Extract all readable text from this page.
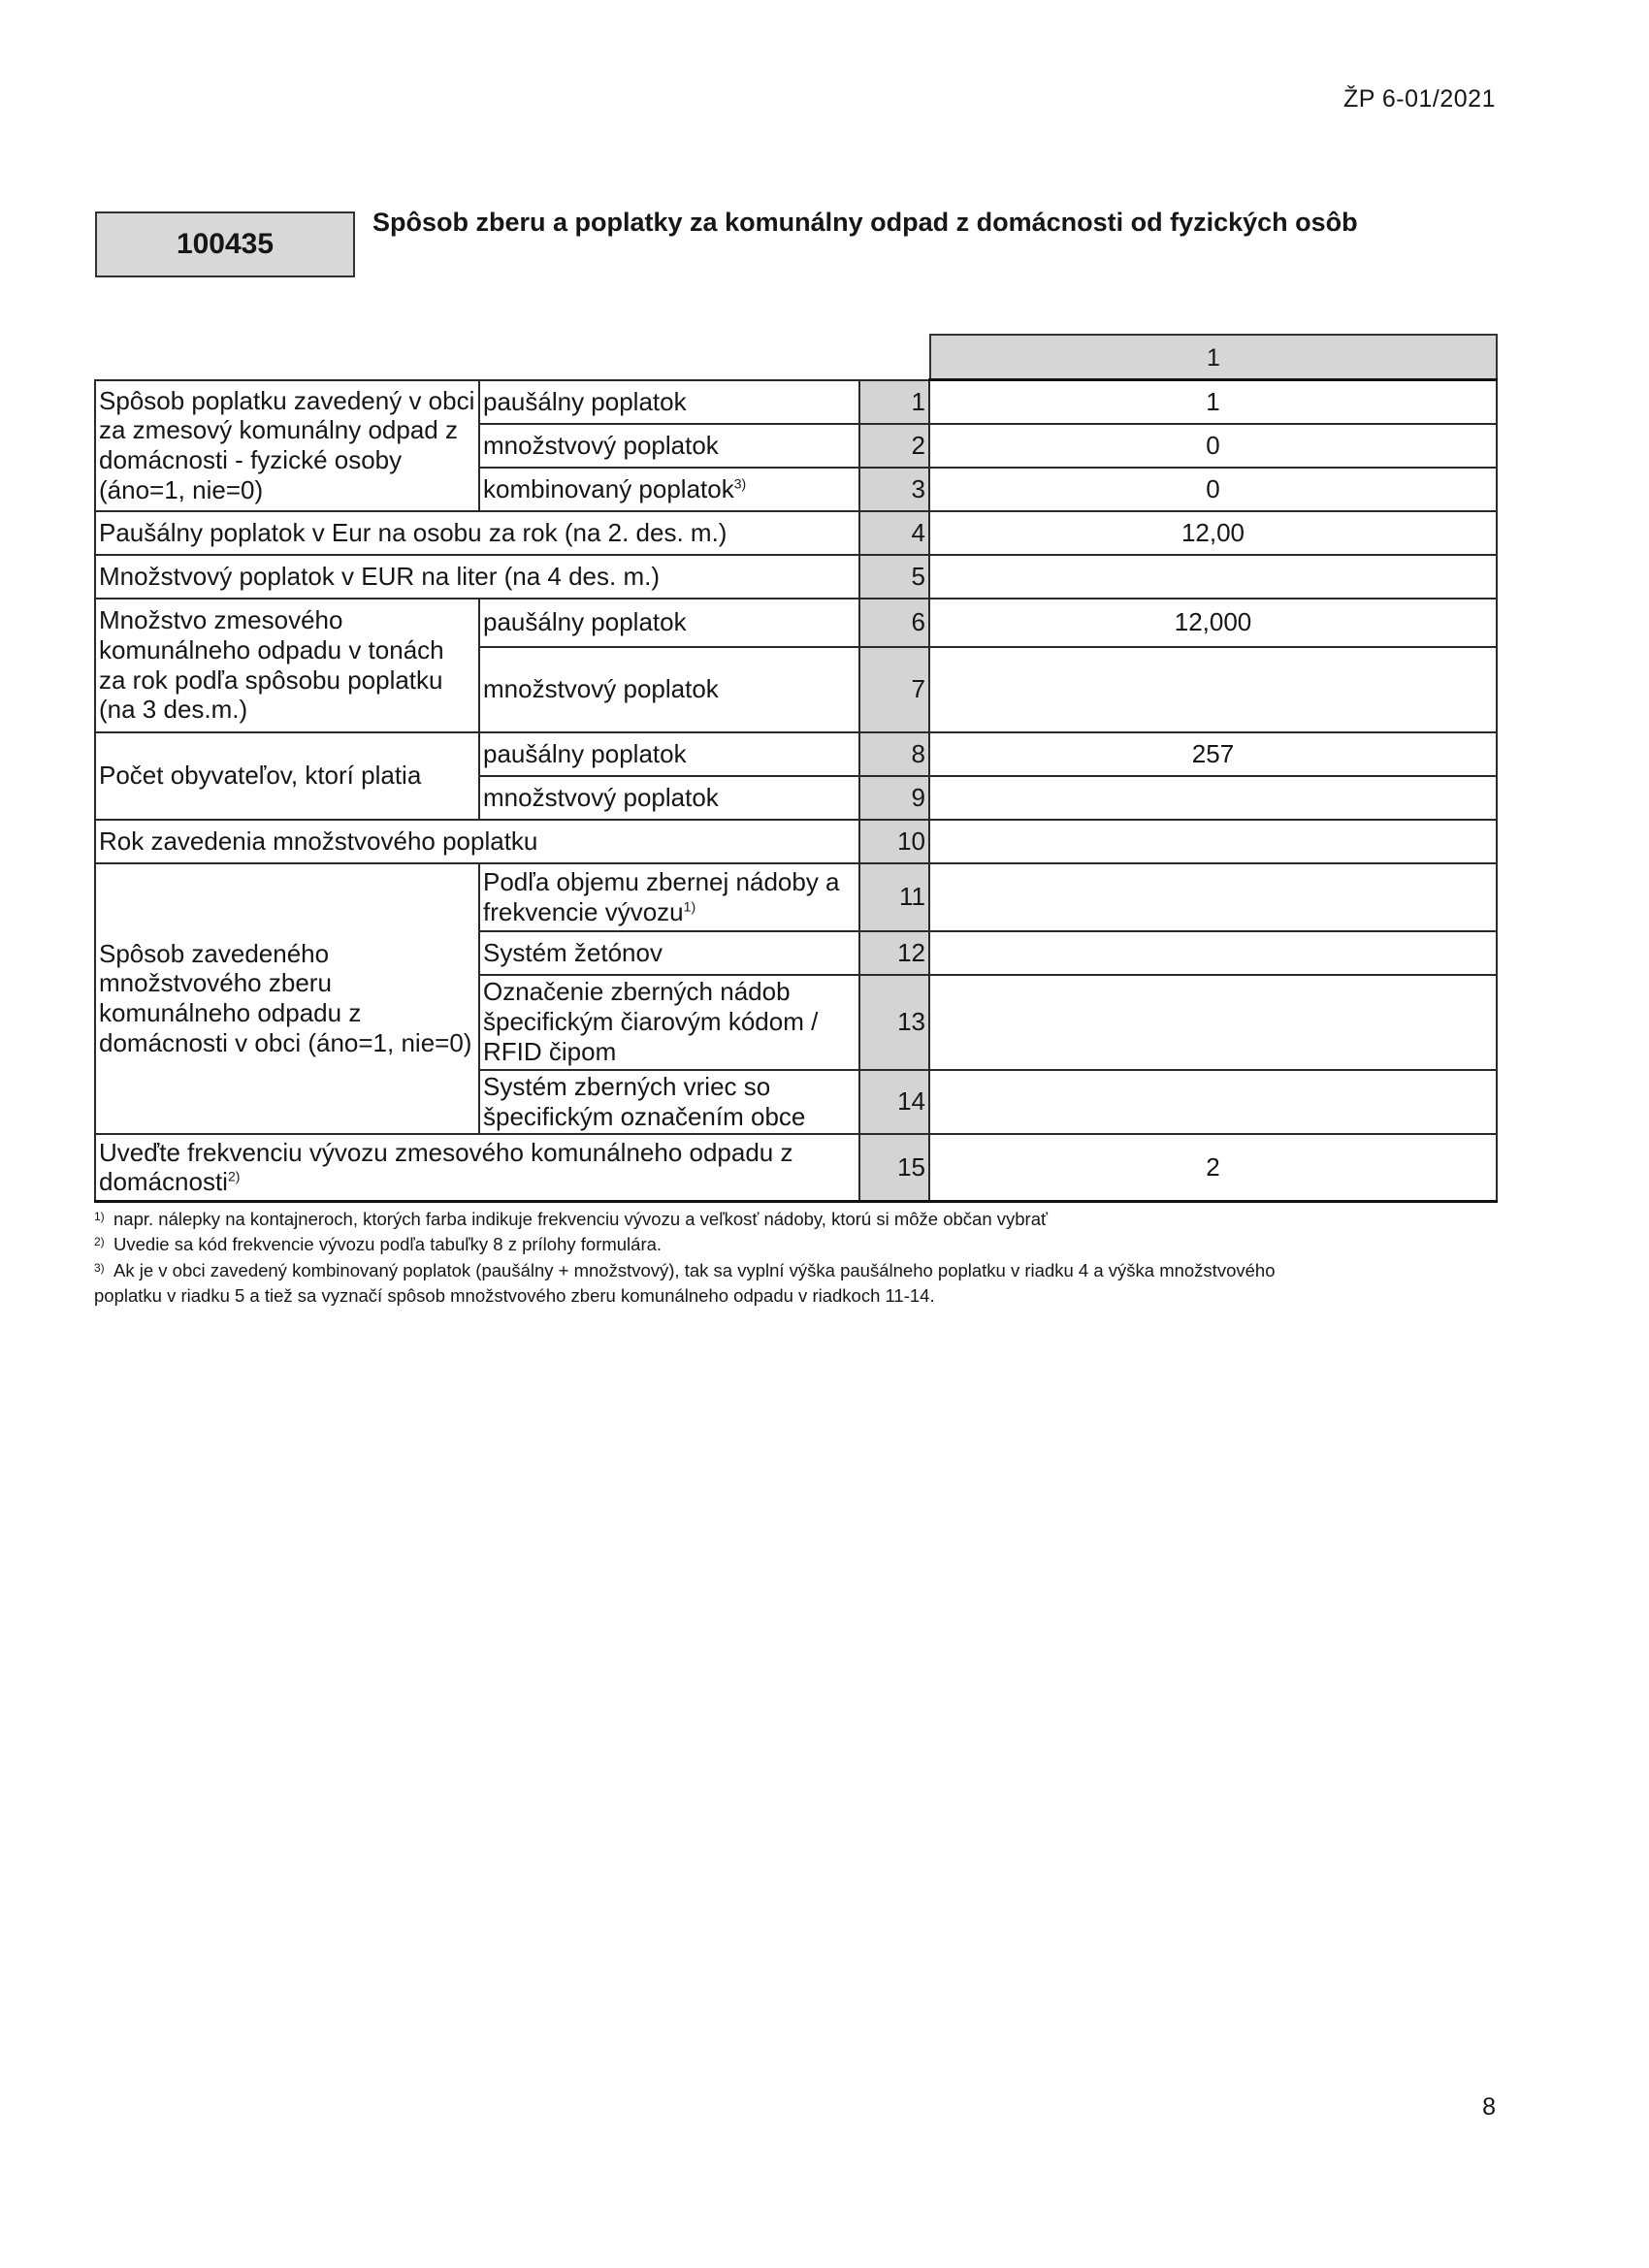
ŽP 6-01/2021
100435
Spôsob zberu a poplatky za komunálny odpad z domácnosti od fyzických osôb
1
Spôsob poplatku zavedený v obci za zmesový komunálny odpad z domácnosti - fyzické osoby (áno=1, nie=0)	paušálny poplatok	1	1
	množstvový poplatok	2	0
	kombinovaný poplatok$^{3)}$	3	0
Paušálny poplatok v Eur na osobu za rok (na 2. des. m.)		4	12,00
Množstvový poplatok v EUR na liter (na 4 des. m.)		5	
Množstvo zmesového komunálneho odpadu v tonách za rok podľa spôsobu poplatku (na 3 des.m.)	paušálny poplatok	6	12,000
	množstvový poplatok	7	
Počet obyvateľov, ktorí platia	paušálny poplatok	8	257
	množstvový poplatok	9	
Rok zavedenia množstvového poplatku		10	
Spôsob zavedeného množstvového zberu komunálneho odpadu z domácnosti v obci (áno=1, nie=0)	Podľa objemu zbernej nádoby a frekvencie vývozu$^{1)}$	11	
	Systém žetónov	12	
	Označenie zberných nádob špecifickým čiarovým kódom / RFID čipom	13	
	Systém zberných vriec so špecifickým označením obce	14	
Uveďte frekvenciu vývozu zmesového komunálneho odpadu z domácnosti$^{2)}$		15	2
1) napr. nálepky na kontajneroch, ktorých farba indikuje frekvenciu vývozu a veľkosť nádoby, ktorú si môže občan vybrať
2) Uvedie sa kód frekvencie vývozu podľa tabuľky 8 z prílohy formulára.
3) Ak je v obci zavedený kombinovaný poplatok (paušálny + množstvový), tak sa vyplní výška paušálneho poplatku v riadku 4 a výška množstvového
poplatku v riadku 5 a tiež sa vyznačí spôsob množstvového zberu komunálneho odpadu v riadkoch 11-14.
8
